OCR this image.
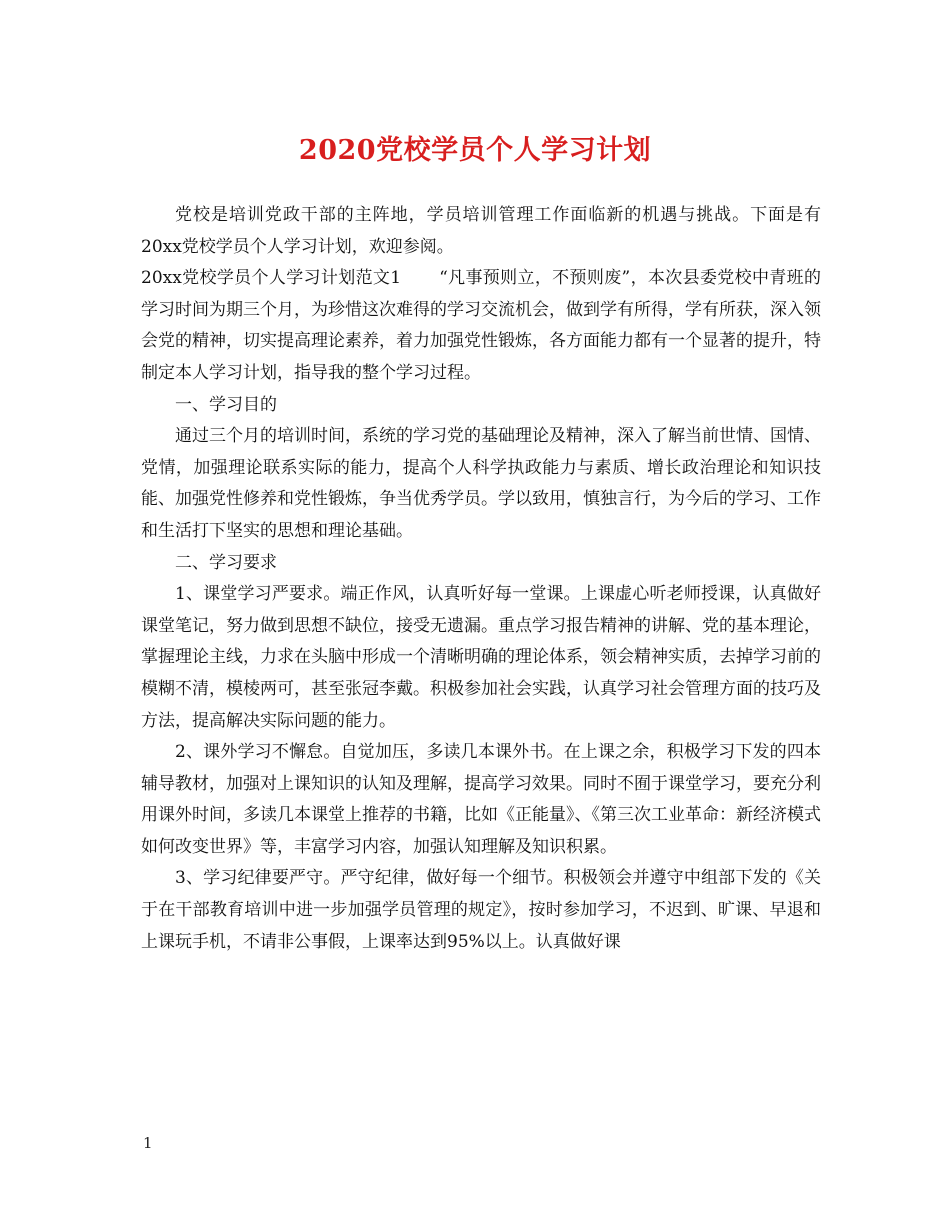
2020党校学员个人学习计划

党校是培训党政干部的主阵地，学员培训管理工作面临新的机遇与挑战。下面是有20xx党校学员个人学习计划，欢迎参阅。

20xx党校学员个人学习计划范文1 “凡事预则立，不预则废”，本次县委党校中青班的学习时间为期三个月，为珍惜这次难得的学习交流机会，做到学有所得，学有所获，深入领会党的精神，切实提高理论素养，着力加强党性锻炼，各方面能力都有一个显著的提升，特制定本人学习计划，指导我的整个学习过程。

一、学习目的

通过三个月的培训时间，系统的学习党的基础理论及精神，深入了解当前世情、国情、党情，加强理论联系实际的能力，提高个人科学执政能力与素质、增长政治理论和知识技能、加强党性修养和党性锻炼，争当优秀学员。学以致用，慎独言行，为今后的学习、工作和生活打下坚实的思想和理论基础。

二、学习要求

1、课堂学习严要求。端正作风，认真听好每一堂课。上课虚心听老师授课，认真做好课堂笔记，努力做到思想不缺位，接受无遗漏。重点学习报告精神的讲解、党的基本理论，掌握理论主线，力求在头脑中形成一个清晰明确的理论体系，领会精神实质，去掉学习前的模糊不清，模棱两可，甚至张冠李戴。积极参加社会实践，认真学习社会管理方面的技巧及方法，提高解决实际问题的能力。

2、课外学习不懈怠。自觉加压，多读几本课外书。在上课之余，积极学习下发的四本辅导教材，加强对上课知识的认知及理解，提高学习效果。同时不囿于课堂学习，要充分利用课外时间，多读几本课堂上推荐的书籍，比如《正能量》、《第三次工业革命：新经济模式如何改变世界》等，丰富学习内容，加强认知理解及知识积累。

3、学习纪律要严守。严守纪律，做好每一个细节。积极领会并遵守中组部下发的《关于在干部教育培训中进一步加强学员管理的规定》，按时参加学习，不迟到、旷课、早退和上课玩手机，不请非公事假，上课率达到95%以上。认真做好课

1
